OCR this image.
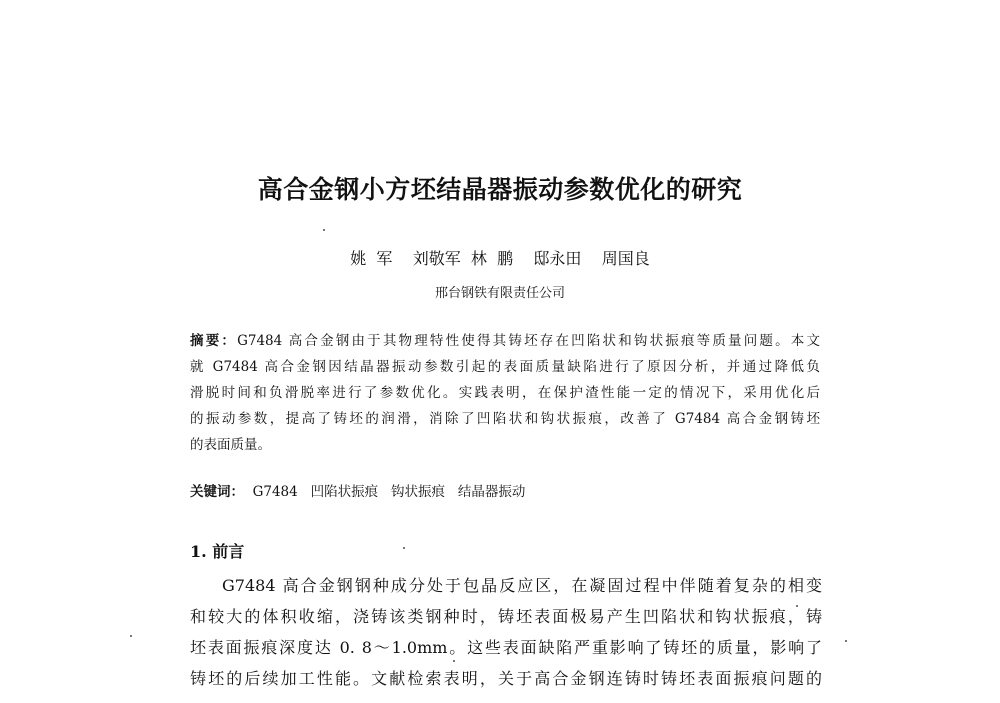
高合金钢小方坯结晶器振动参数优化的研究

姚  军    刘敬军  林  鹏    邸永田    周国良

邢台钢铁有限责任公司

摘要：G7484 高合金钢由于其物理特性使得其铸坯存在凹陷状和钩状振痕等质量问题。本文
就 G7484 高合金钢因结晶器振动参数引起的表面质量缺陷进行了原因分析，并通过降低负
滑脱时间和负滑脱率进行了参数优化。实践表明，在保护渣性能一定的情况下，采用优化后
的振动参数，提高了铸坯的润滑，消除了凹陷状和钩状振痕，改善了 G7484 高合金钢铸坯
的表面质量。

关键词：  G7484   凹陷状振痕   钩状振痕   结晶器振动

1. 前言
G7484 高合金钢钢种成分处于包晶反应区，在凝固过程中伴随着复杂的相变
和较大的体积收缩，浇铸该类钢种时，铸坯表面极易产生凹陷状和钩状振痕，铸
坯表面振痕深度达 0. 8～1.0mm。这些表面缺陷严重影响了铸坯的质量，影响了
铸坯的后续加工性能。文献检索表明，关于高合金钢连铸时铸坯表面振痕问题的
